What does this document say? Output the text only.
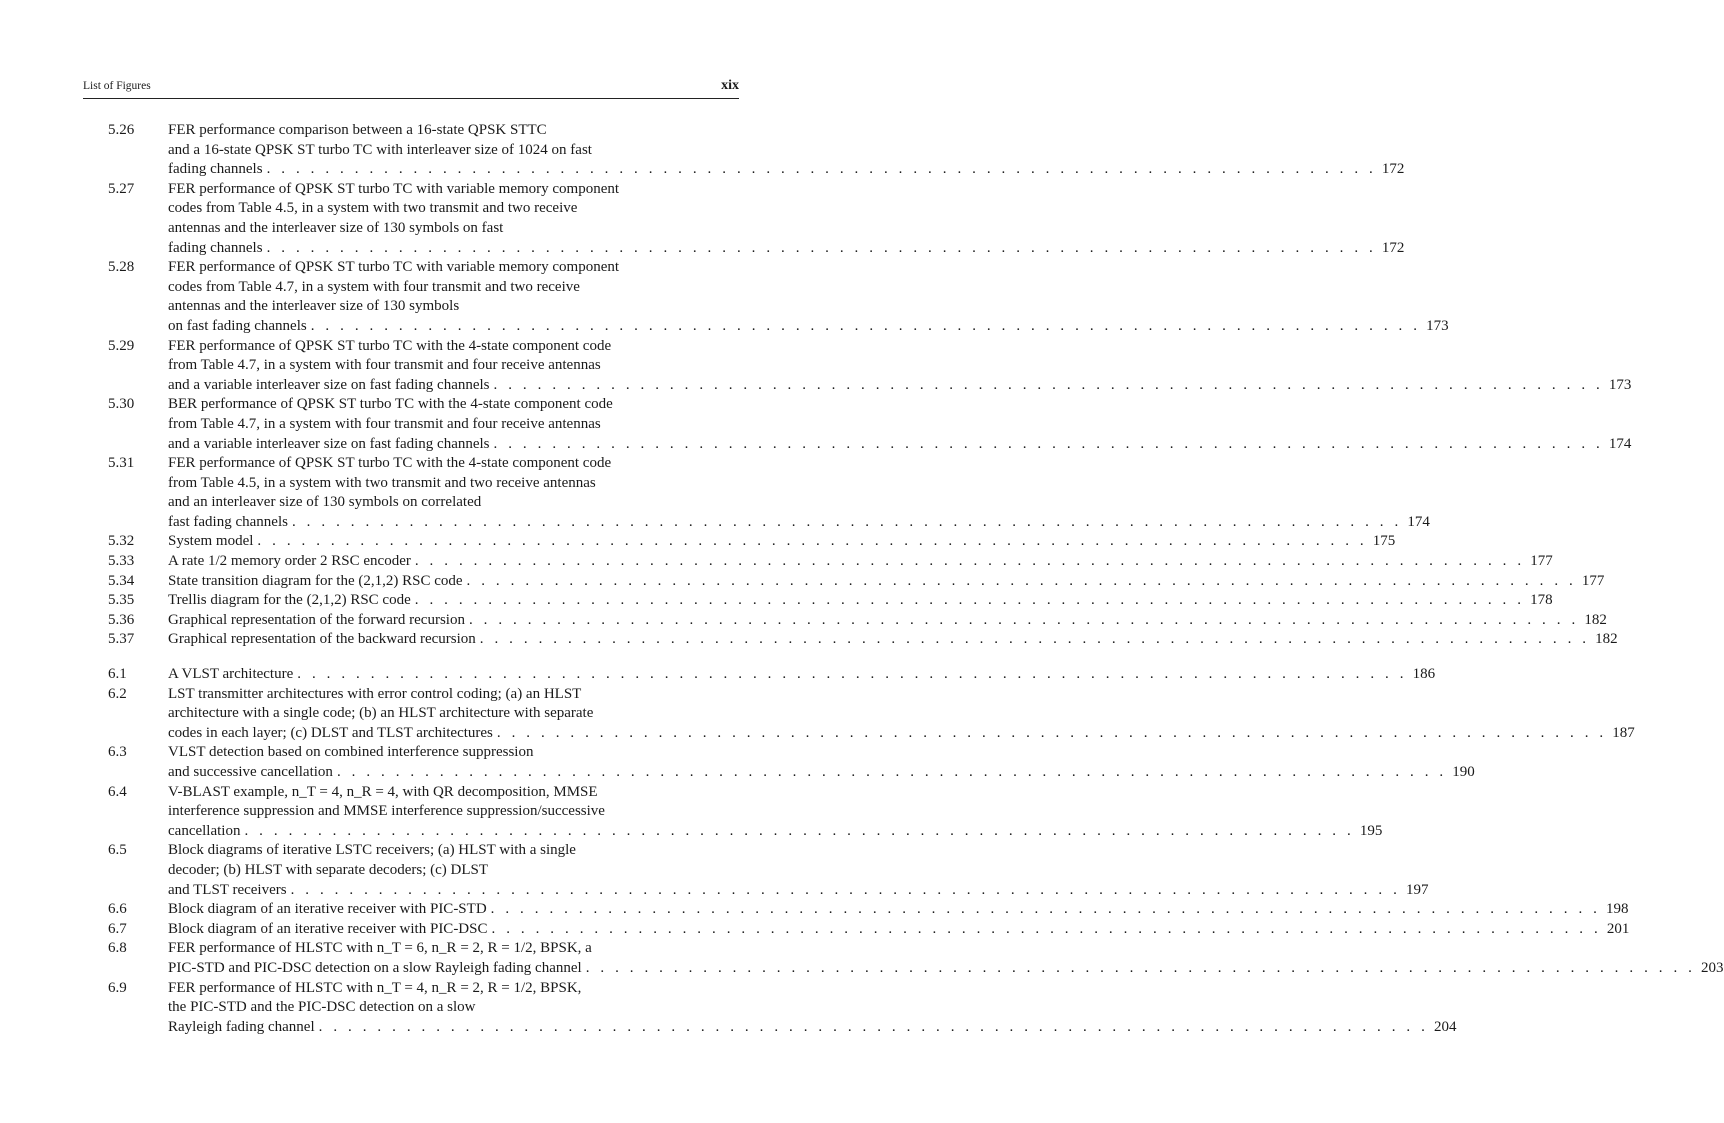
List of Figures	xix
5.26 FER performance comparison between a 16-state QPSK STTC
and a 16-state QPSK ST turbo TC with interleaver size of 1024 on fast
fading channels . . . . . . . . . . . . . . . . . . . . . . . . . . . . . . . . . . . . . . . . . . . . . . . . . . . . . . . . . . . . . . . . . . . . . . . . . . . . 172
5.27 FER performance of QPSK ST turbo TC with variable memory component
codes from Table 4.5, in a system with two transmit and two receive
antennas and the interleaver size of 130 symbols on fast
fading channels . . . . . . . . . . . . . . . . . . . . . . . . . . . . . . . . . . . . . . . . . . . . . . . . . . . . . . . . . . . . . . . . . . . . . . . . . . . . 172
5.28 FER performance of QPSK ST turbo TC with variable memory component
codes from Table 4.7, in a system with four transmit and two receive
antennas and the interleaver size of 130 symbols
on fast fading channels . . . . . . . . . . . . . . . . . . . . . . . . . . . . . . . . . . . . . . . . . . . . . . . . . . . . . . . . . . . . . . . . . . . . . . . . . . . . 173
5.29 FER performance of QPSK ST turbo TC with the 4-state component code
from Table 4.7, in a system with four transmit and four receive antennas
and a variable interleaver size on fast fading channels . . . . . . . . . . . . . . . . . . . . . . . . . . . . . . . . . . . . . . . . . . . . . . . . . . . . . . . . . . . . . . . . . . . . . . . . . . . . 173
5.30 BER performance of QPSK ST turbo TC with the 4-state component code
from Table 4.7, in a system with four transmit and four receive antennas
and a variable interleaver size on fast fading channels . . . . . . . . . . . . . . . . . . . . . . . . . . . . . . . . . . . . . . . . . . . . . . . . . . . . . . . . . . . . . . . . . . . . . . . . . . . . 174
5.31 FER performance of QPSK ST turbo TC with the 4-state component code
from Table 4.5, in a system with two transmit and two receive antennas
and an interleaver size of 130 symbols on correlated
fast fading channels . . . . . . . . . . . . . . . . . . . . . . . . . . . . . . . . . . . . . . . . . . . . . . . . . . . . . . . . . . . . . . . . . . . . . . . . . . . . 174
5.32 System model . . . . . . . . . . . . . . . . . . . . . . . . . . . . . . . . . . . . . . . . . . . . . . . . . . . . . . . . . . . . . . . . . . . . . . . . . . . . 175
5.33 A rate 1/2 memory order 2 RSC encoder . . . . . . . . . . . . . . . . . . . . . . . . . . . . . . . . . . . . . . . . . . . . . . . . . . . . . . . . . . . . . . . . . . . . . . . . . . . . 177
5.34 State transition diagram for the (2,1,2) RSC code . . . . . . . . . . . . . . . . . . . . . . . . . . . . . . . . . . . . . . . . . . . . . . . . . . . . . . . . . . . . . . . . . . . . . . . . . . . . 177
5.35 Trellis diagram for the (2,1,2) RSC code . . . . . . . . . . . . . . . . . . . . . . . . . . . . . . . . . . . . . . . . . . . . . . . . . . . . . . . . . . . . . . . . . . . . . . . . . . . . 178
5.36 Graphical representation of the forward recursion . . . . . . . . . . . . . . . . . . . . . . . . . . . . . . . . . . . . . . . . . . . . . . . . . . . . . . . . . . . . . . . . . . . . . . . . . . . . 182
5.37 Graphical representation of the backward recursion . . . . . . . . . . . . . . . . . . . . . . . . . . . . . . . . . . . . . . . . . . . . . . . . . . . . . . . . . . . . . . . . . . . . . . . . . . . . 182
6.1	A VLST architecture . . . . . . . . . . . . . . . . . . . . . . . . . . . . . . . . . . . . . . . . . . . . . . . . . . . . . . . . . . . . . . . . . . . . . . . . . . . . 186
6.2	LST transmitter architectures with error control coding; (a) an HLST
architecture with a single code; (b) an HLST architecture with separate
codes in each layer; (c) DLST and TLST architectures . . . . . . . . . . . . . . . . . . . . . . . . . . . . . . . . . . . . . . . . . . . . . . . . . . . . . . . . . . . . . . . . . . . . . . . . . . . . 187
6.3	VLST detection based on combined interference suppression
and successive cancellation . . . . . . . . . . . . . . . . . . . . . . . . . . . . . . . . . . . . . . . . . . . . . . . . . . . . . . . . . . . . . . . . . . . . . . . . . . . . 190
6.4	V-BLAST example, n_T = 4, n_R = 4, with QR decomposition, MMSE
interference suppression and MMSE interference suppression/successive
cancellation . . . . . . . . . . . . . . . . . . . . . . . . . . . . . . . . . . . . . . . . . . . . . . . . . . . . . . . . . . . . . . . . . . . . . . . . . . . . 195
6.5	Block diagrams of iterative LSTC receivers; (a) HLST with a single
decoder; (b) HLST with separate decoders; (c) DLST
and TLST receivers . . . . . . . . . . . . . . . . . . . . . . . . . . . . . . . . . . . . . . . . . . . . . . . . . . . . . . . . . . . . . . . . . . . . . . . . . . . . 197
6.6	Block diagram of an iterative receiver with PIC-STD . . . . . . . . . . . . . . . . . . . . . . . . . . . . . . . . . . . . . . . . . . . . . . . . . . . . . . . . . . . . . . . . . . . . . . . . . . . . 198
6.7	Block diagram of an iterative receiver with PIC-DSC . . . . . . . . . . . . . . . . . . . . . . . . . . . . . . . . . . . . . . . . . . . . . . . . . . . . . . . . . . . . . . . . . . . . . . . . . . . . 201
6.8	FER performance of HLSTC with n_T = 6, n_R = 2, R = 1/2, BPSK, a
PIC-STD and PIC-DSC detection on a slow Rayleigh fading channel . . . . . . . . . . . . . . . . . . . . . . . . . . . . . . . . . . . . . . . . . . . . . . . . . . . . . . . . . . . . . . . . . . . . . . . . . . . . 203
6.9	FER performance of HLSTC with n_T = 4, n_R = 2, R = 1/2, BPSK,
the PIC-STD and the PIC-DSC detection on a slow
Rayleigh fading channel . . . . . . . . . . . . . . . . . . . . . . . . . . . . . . . . . . . . . . . . . . . . . . . . . . . . . . . . . . . . . . . . . . . . . . . . . . . . 204
